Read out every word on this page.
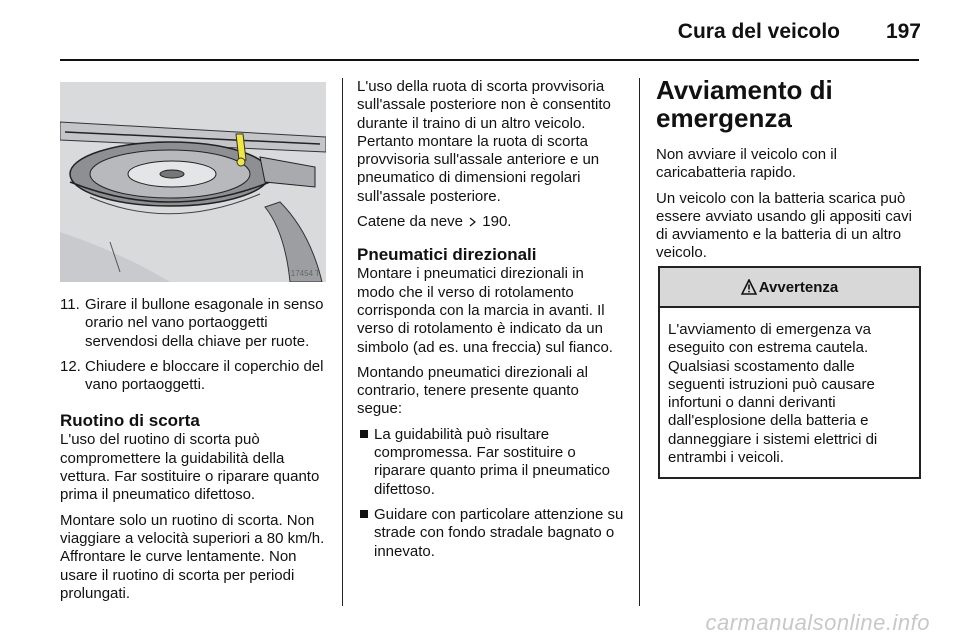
Cura del veicolo 197
17454 T
11. Girare il bullone esagonale in senso orario nel vano portaoggetti servendosi della chiave per ruote.
12. Chiudere e bloccare il coperchio del vano portaoggetti.
Ruotino di scorta

L'uso del ruotino di scorta può compromettere la guidabilità della vettura. Far sostituire o riparare quanto prima il pneumatico difettoso.

Montare solo un ruotino di scorta. Non viaggiare a velocità superiori a 80 km/h. Affrontare le curve lentamente. Non usare il ruotino di scorta per periodi prolungati.

L'uso della ruota di scorta provvisoria sull'assale posteriore non è consentito durante il traino di un altro veicolo. Pertanto montare la ruota di scorta provvisoria sull'assale anteriore e un pneumatico di dimensioni regolari sull'assale posteriore.

Catene da neve 190.

Pneumatici direzionali

Montare i pneumatici direzionali in modo che il verso di rotolamento corrisponda con la marcia in avanti. Il verso di rotolamento è indicato da un simbolo (ad es. una freccia) sul fianco.

Montando pneumatici direzionali al contrario, tenere presente quanto segue:

La guidabilità può risultare compromessa. Far sostituire o riparare quanto prima il pneumatico difettoso.
Guidare con particolare attenzione su strade con fondo stradale bagnato o innevato.
Avviamento di emergenza

Non avviare il veicolo con il caricabatteria rapido.

Un veicolo con la batteria scarica può essere avviato usando gli appositi cavi di avviamento e la batteria di un altro veicolo.

Avvertenza
L'avviamento di emergenza va eseguito con estrema cautela. Qualsiasi scostamento dalle seguenti istruzioni può causare infortuni o danni derivanti dall'esplosione della batteria e danneggiare i sistemi elettrici di entrambi i veicoli.
carmanualsonline.info
